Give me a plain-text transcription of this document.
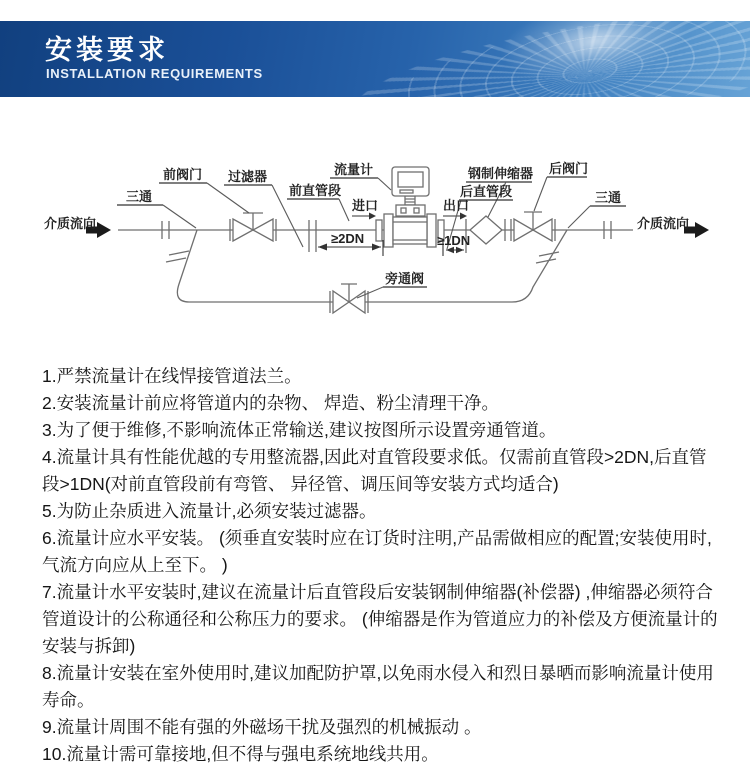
安装要求
INSTALLATION REQUIREMENTS
介质流向	介质流向
三通
前阀门 过滤器
前直管段
流量计	钢制伸缩器
后直管段
后阀门
三通
旁通阀
进口	出口
≥2DN	≥1DN

1.严禁流量计在线悍接管道法兰。

2.安装流量计前应将管道内的杂物、 焊造、粉尘清理干净。

3.为了便于维修,不影响流体正常输送,建议按图所示设置旁通管道。

4.流量计具有性能优越的专用整流器,因此对直管段要求低。仅需前直管段>2DN,后直管段>1DN(对前直管段前有弯管、 异径管、调压间等安装方式均适合)

5.为防止杂质进入流量计,必须安装过滤器。

6.流量计应水平安装。 (须垂直安装时应在订货时注明,产品需做相应的配置;安装使用时,气流方向应从上至下。 )

7.流量计水平安装时,建议在流量计后直管段后安装钢制伸缩器(补偿器) ,伸缩器必须符合管道设计的公称通径和公称压力的要求。 (伸缩器是作为管道应力的补偿及方便流量计的安装与拆卸)

8.流量计安装在室外使用时,建议加配防护罩,以免雨水侵入和烈日暴晒而影响流量计使用寿命。

9.流量计周围不能有强的外磁场干扰及强烈的机械振动 。

10.流量计需可靠接地,但不得与强电系统地线共用。
